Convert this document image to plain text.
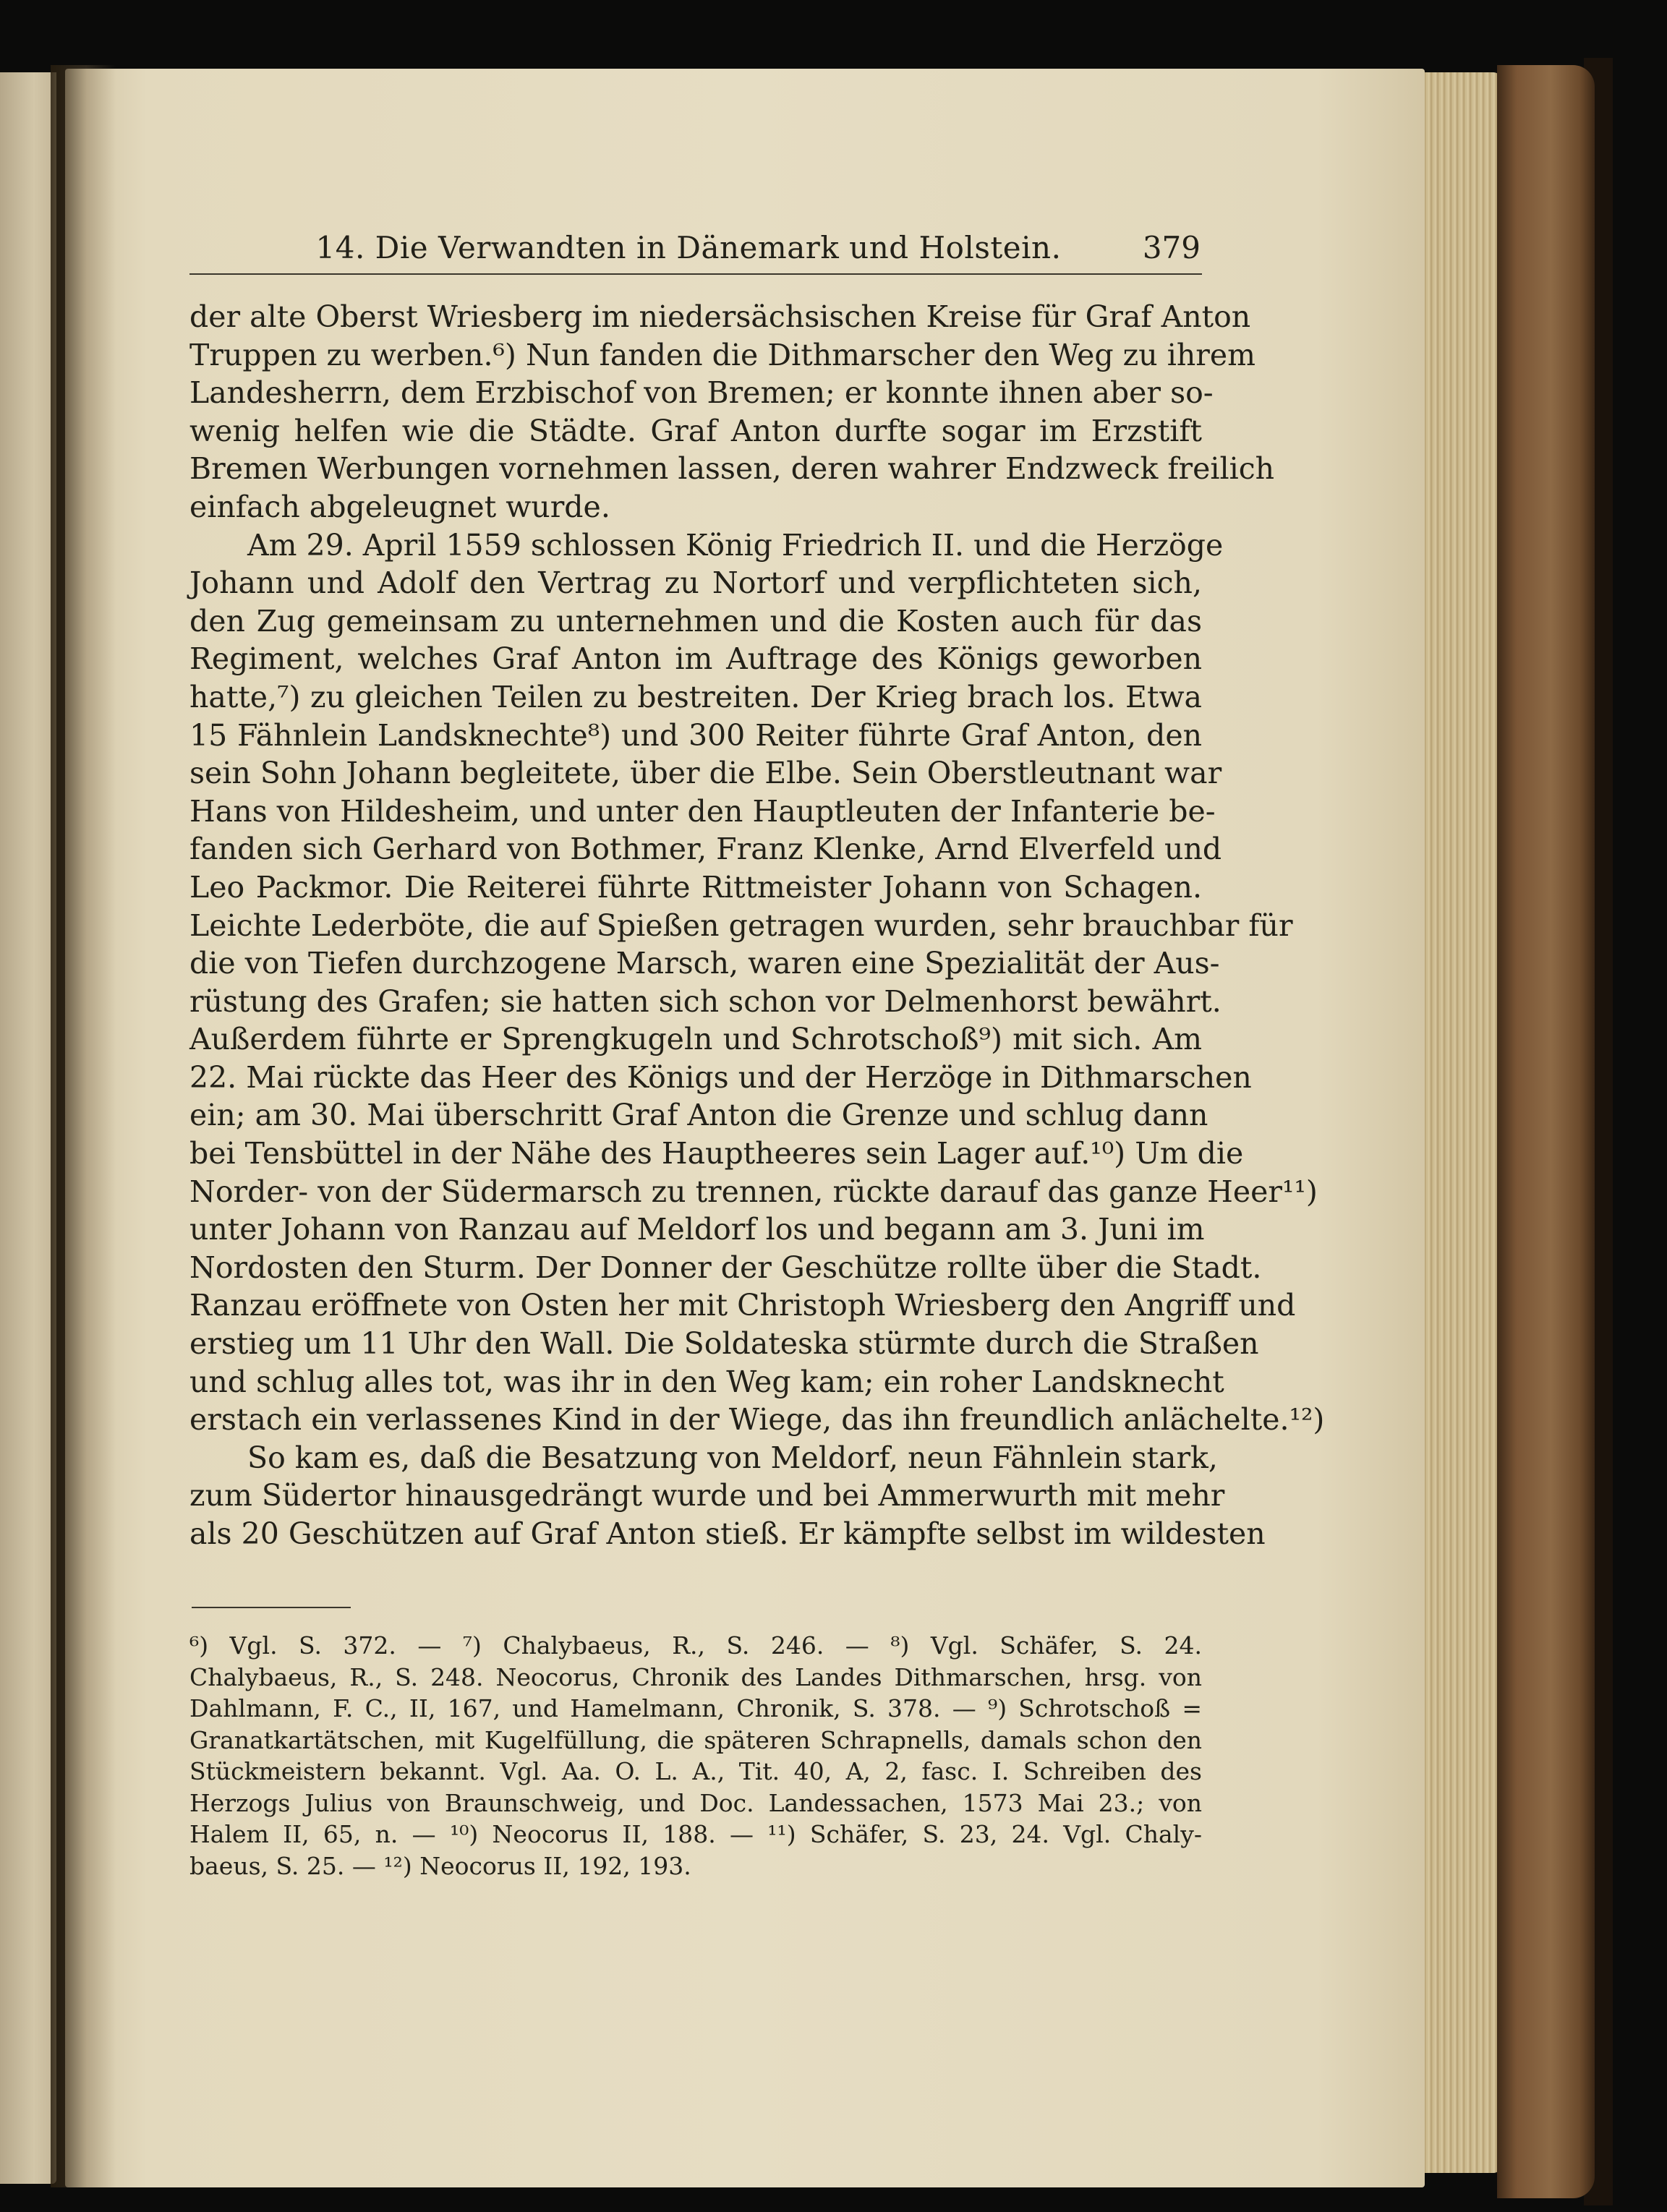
14. Die Verwandten in Dänemark und Holstein.	379
der alte Oberst Wriesberg im niedersächsischen Kreise für Graf Anton
Truppen zu werben.⁶) Nun fanden die Dithmarscher den Weg zu ihrem
Landesherrn, dem Erzbischof von Bremen; er konnte ihnen aber so-
wenig helfen wie die Städte. Graf Anton durfte sogar im Erzstift
Bremen Werbungen vornehmen lassen, deren wahrer Endzweck freilich
einfach abgeleugnet wurde.
Am 29. April 1559 schlossen König Friedrich II. und die Herzöge
Johann und Adolf den Vertrag zu Nortorf und verpflichteten sich,
den Zug gemeinsam zu unternehmen und die Kosten auch für das
Regiment, welches Graf Anton im Auftrage des Königs geworben
hatte,⁷) zu gleichen Teilen zu bestreiten. Der Krieg brach los. Etwa
15 Fähnlein Landsknechte⁸) und 300 Reiter führte Graf Anton, den
sein Sohn Johann begleitete, über die Elbe. Sein Oberstleutnant war
Hans von Hildesheim, und unter den Hauptleuten der Infanterie be-
fanden sich Gerhard von Bothmer, Franz Klenke, Arnd Elverfeld und
Leo Packmor. Die Reiterei führte Rittmeister Johann von Schagen.
Leichte Lederböte, die auf Spießen getragen wurden, sehr brauchbar für
die von Tiefen durchzogene Marsch, waren eine Spezialität der Aus-
rüstung des Grafen; sie hatten sich schon vor Delmenhorst bewährt.
Außerdem führte er Sprengkugeln und Schrotschoß⁹) mit sich. Am
22. Mai rückte das Heer des Königs und der Herzöge in Dithmarschen
ein; am 30. Mai überschritt Graf Anton die Grenze und schlug dann
bei Tensbüttel in der Nähe des Hauptheeres sein Lager auf.¹⁰) Um die
Norder- von der Südermarsch zu trennen, rückte darauf das ganze Heer¹¹)
unter Johann von Ranzau auf Meldorf los und begann am 3. Juni im
Nordosten den Sturm. Der Donner der Geschütze rollte über die Stadt.
Ranzau eröffnete von Osten her mit Christoph Wriesberg den Angriff und
erstieg um 11 Uhr den Wall. Die Soldateska stürmte durch die Straßen
und schlug alles tot, was ihr in den Weg kam; ein roher Landsknecht
erstach ein verlassenes Kind in der Wiege, das ihn freundlich anlächelte.¹²)
So kam es, daß die Besatzung von Meldorf, neun Fähnlein stark,
zum Südertor hinausgedrängt wurde und bei Ammerwurth mit mehr
als 20 Geschützen auf Graf Anton stieß. Er kämpfte selbst im wildesten
⁶) Vgl. S. 372. — ⁷) Chalybaeus, R., S. 246. — ⁸) Vgl. Schäfer, S. 24.
Chalybaeus, R., S. 248. Neocorus, Chronik des Landes Dithmarschen, hrsg. von
Dahlmann, F. C., II, 167, und Hamelmann, Chronik, S. 378. — ⁹) Schrotschoß =
Granatkartätschen, mit Kugelfüllung, die späteren Schrapnells, damals schon den
Stückmeistern bekannt. Vgl. Aa. O. L. A., Tit. 40, A, 2, fasc. I. Schreiben des
Herzogs Julius von Braunschweig, und Doc. Landessachen, 1573 Mai 23.; von
Halem II, 65, n. — ¹⁰) Neocorus II, 188. — ¹¹) Schäfer, S. 23, 24. Vgl. Chaly-
baeus, S. 25. — ¹²) Neocorus II, 192, 193.
